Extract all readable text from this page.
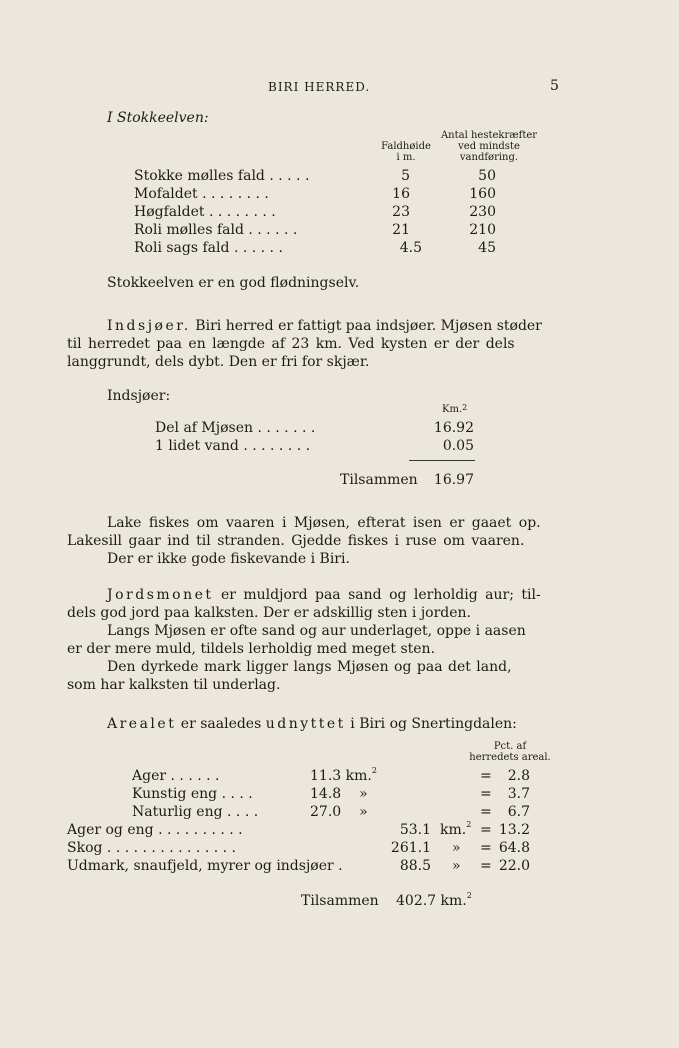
BIRI HERRED.	5
I Stokkeelven:
Faldhøide
i m.
Antal hestekræfter
ved mindste
vandføring.
Stokke mølles fald . . . . .	5	50
Mofaldet . . . . . . . .	16	160
Høgfaldet . . . . . . . .	23	230
Roli mølles fald . . . . . .	21	210
Roli sags fald . . . . . .	4.5	45
Stokkeelven er en god flødningselv.
Indsjøer. Biri herred er fattigt paa indsjøer. Mjøsen støder
til herredet paa en længde af 23 km. Ved kysten er der dels
langgrundt, dels dybt. Den er fri for skjær.
Indsjøer:
Km.$^2$
Del af Mjøsen . . . . . . .	16.92
1 lidet vand . . . . . . . .	0.05
Tilsammen	16.97
Lake fiskes om vaaren i Mjøsen, efterat isen er gaaet op.
Lakesill gaar ind til stranden. Gjedde fiskes i ruse om vaaren.
Der er ikke gode fiskevande i Biri.
Jordsmonet er muldjord paa sand og lerholdig aur; til-
dels god jord paa kalksten. Der er adskillig sten i jorden.
Langs Mjøsen er ofte sand og aur underlaget, oppe i aasen
er der mere muld, tildels lerholdig med meget sten.
Den dyrkede mark ligger langs Mjøsen og paa det land,
som har kalksten til underlag.
Arealet er saaledes udnyttet i Biri og Snertingdalen:
Pct. af
herredets areal.
Ager . . . . . .	11.3 km.$^2$	=	2.8
Kunstig eng . . . .	14.8 »	=	3.7
Naturlig eng . . . .	27.0 »	=	6.7
Ager og eng . . . . . . . . . .	53.1 km.$^2$ = 13.2
Skog . . . . . . . . . . . . . . .	261.1 » = 64.8
Udmark, snaufjeld, myrer og indsjøer .	88.5 » = 22.0
Tilsammen 402.7 km.$^2$
